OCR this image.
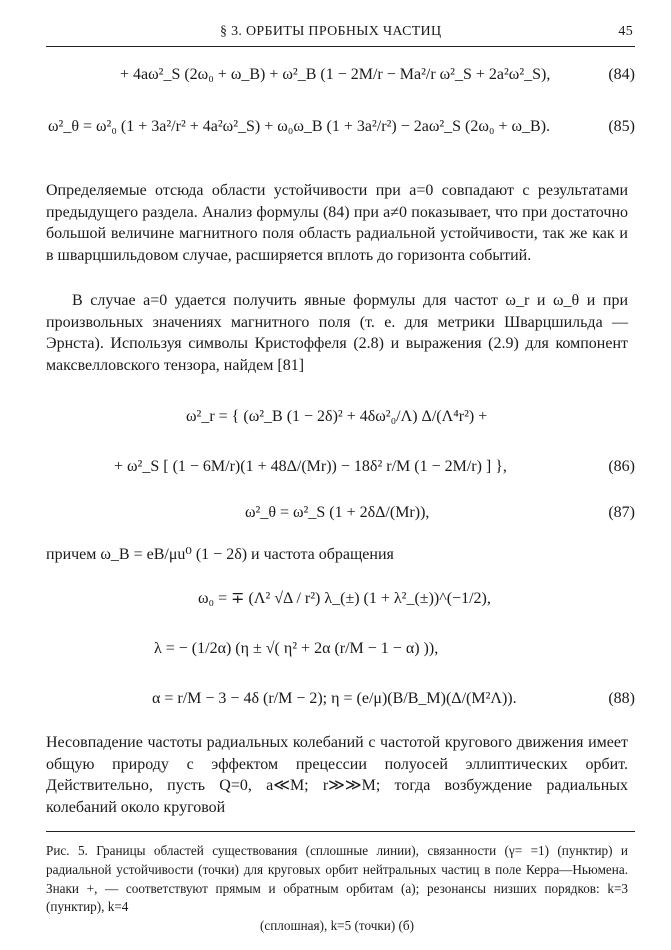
§ 3. ОРБИТЫ ПРОБНЫХ ЧАСТИЦ	45
+ 4aω²_S (2ω₀ + ω_B) + ω²_B (1 − 2M/r − Ma²/r ω²_S + 2a²ω²_S),	(84)
ω²_θ = ω²₀ (1 + 3a²/r² + 4a²ω²_S) + ω₀ω_B (1 + 3a²/r²) − 2aω²_S (2ω₀ + ω_B).	(85)

Определяемые отсюда области устойчивости при a=0 совпадают с результатами предыдущего раздела. Анализ формулы (84) при a≠0 показывает, что при достаточно большой величине магнитного поля область радиальной устойчивости, так же как и в шварцшильдовом случае, расширяется вплоть до горизонта событий.

В случае a=0 удается получить явные формулы для частот ω_r и ω_θ и при произвольных значениях магнитного поля (т. е. для метрики Шварцшильда — Эрнста). Используя символы Кристоффеля (2.8) и выражения (2.9) для компонент максвелловского тензора, найдем [81]

ω²_r = { (ω²_B (1 − 2δ)² + 4δω²₀/Λ) Δ/(Λ⁴r²) +
+ ω²_S [ (1 − 6M/r)(1 + 48Δ/(Mr)) − 18δ² r/M (1 − 2M/r) ] },	(86)
ω²_θ = ω²_S (1 + 2δΔ/(Mr)),	(87)

причем ω_B = eB/μu⁰ (1 − 2δ) и частота обращения

ω₀ = ∓ (Λ² √Δ / r²) λ_(±) (1 + λ²_(±))^(−1/2),
λ = − (1/2α) (η ± √( η² + 2α (r/M − 1 − α) )),
α = r/M − 3 − 4δ (r/M − 2); η = (e/μ)(B/B_M)(Δ/(M²Λ)).	(88)

Несовпадение частоты радиальных колебаний с частотой кругового движения имеет общую природу с эффектом прецессии полуосей эллиптических орбит. Действительно, пусть Q=0, a≪M; r≫≫M; тогда возбуждение радиальных колебаний около круговой

Рис. 5. Границы областей существования (сплошные линии), связанности (γ= =1) (пунктир) и радиальной устойчивости (точки) для круговых орбит нейтральных частиц в поле Керра—Ньюмена. Знаки +, — соответствуют прямым и обратным орбитам (а); резонансы низших порядков: k=3 (пунктир), k=4
(сплошная), k=5 (точки) (б)
